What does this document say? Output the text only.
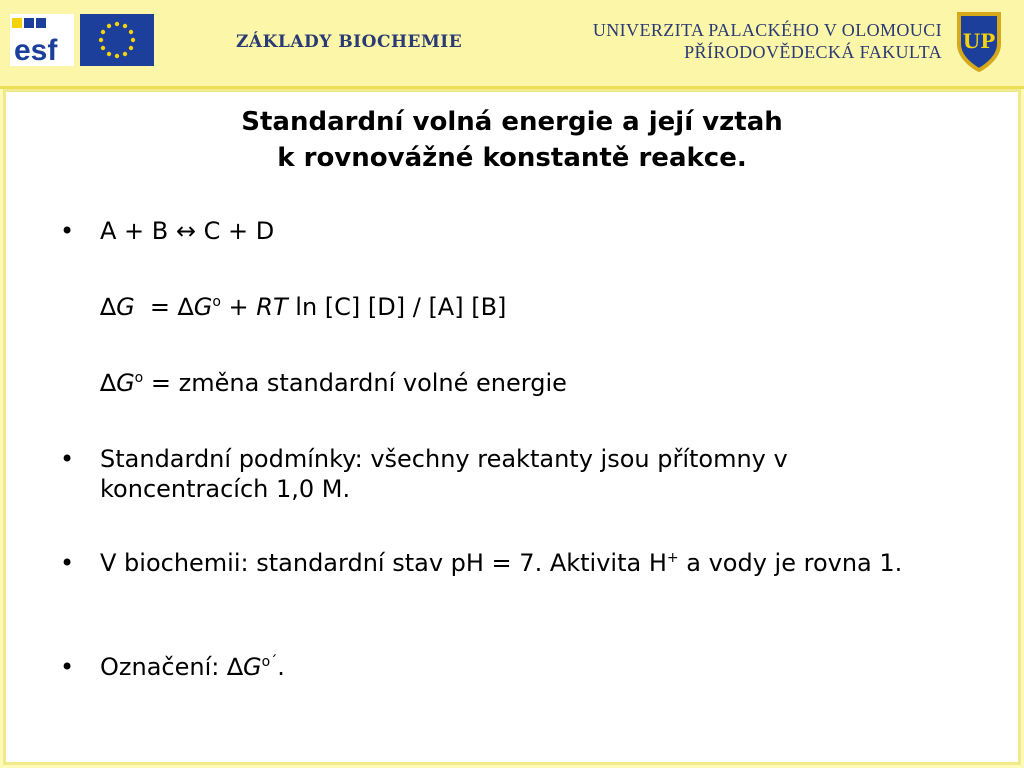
esf	ZÁKLADY BIOCHEMIE
UNIVERZITA PALACKÉHO V OLOMOUCI
PŘÍRODOVĚDECKÁ FAKULTA UP
Standardní volná energie a její vztah
k rovnovážné konstantě reakce.
• A + B ↔ C + D
$\Delta G = \Delta G^o$ + RT ln [C] [D] / [A] [B]
$\Delta G^o$ = změna standardní volné energie
• Standardní podmínky: všechny reaktanty jsou přítomny v koncentracích 1,0 M.
• V biochemii: standardní stav pH = 7. Aktivita H+ a vody je rovna 1.
• Označení: $\Delta G^{o´}$.
